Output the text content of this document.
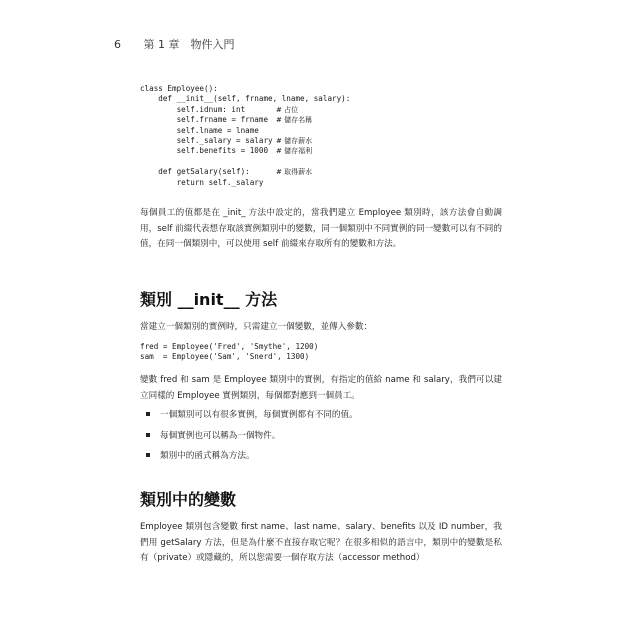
6 第 1 章　物件入門
class Employee():
def __init__(self, frname, lname, salary):
self.idnum: int	# 占位
self.frname = frname # 儲存名稱
self.lname = lname
self._salary = salary # 儲存薪水
self.benefits = 1000 # 儲存福利
def getSalary(self):	# 取得薪水
return self._salary
每個員工的值都是在 _init_ 方法中設定的，當我們建立 Employee 類別時，該方法會自動調用，self 前綴代表想存取該實例類別中的變數，同一個類別中不同實例的同一變數可以有不同的值，在同一個類別中，可以使用 self 前綴來存取所有的變數和方法。
類別 __init__ 方法
當建立一個類別的實例時，只需建立一個變數，並傳入參數：
fred = Employee('Fred', 'Smythe', 1200)
sam  = Employee('Sam', 'Snerd', 1300)
變數 fred 和 sam 是 Employee 類別中的實例，有指定的值給 name 和 salary，我們可以建立同樣的 Employee 實例類別，每個都對應到一個員工。
一個類別可以有很多實例，每個實例都有不同的值。
每個實例也可以稱為一個物件。
類別中的函式稱為方法。
類別中的變數
Employee 類別包含變數 first name、last name、salary、benefits 以及 ID number，我們用 getSalary 方法，但是為什麼不直接存取它呢？在很多相似的語言中，類別中的變數是私有（private）或隱藏的，所以您需要一個存取方法（accessor method）
